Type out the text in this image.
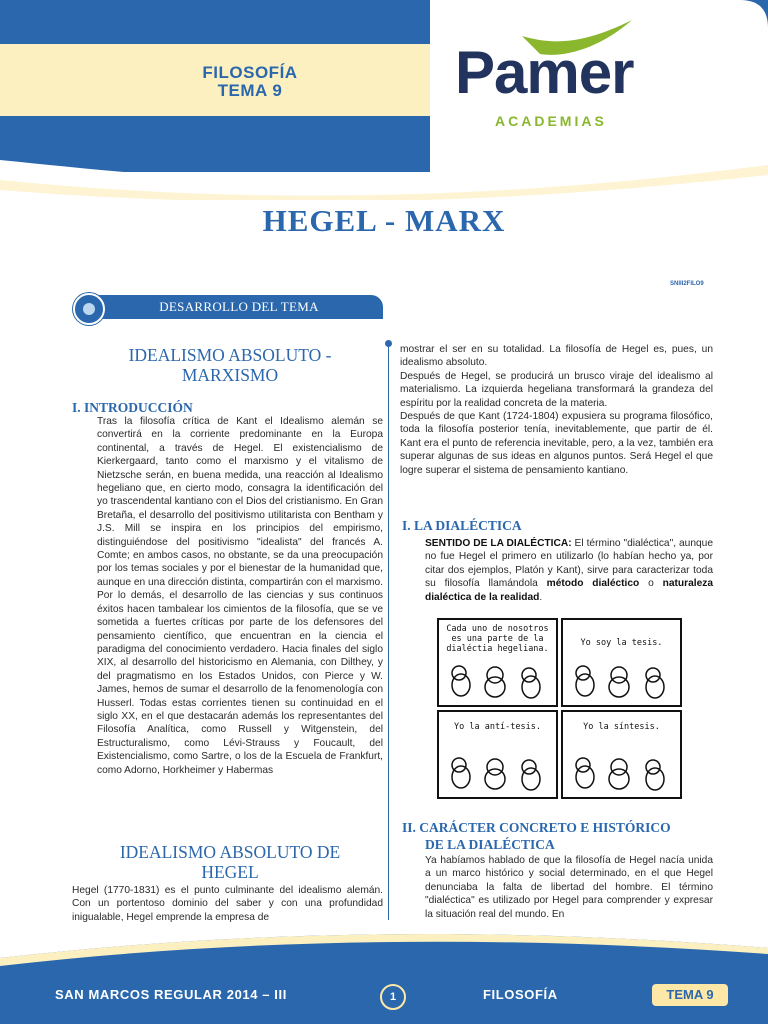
FILOSOFÍA
TEMA 9	Pamer
ACADEMIAS
HEGEL - MARX
SNIII2FILO9
DESARROLLO DEL TEMA
IDEALISMO ABSOLUTO - MARXISMO
I. INTRODUCCIÓN

Tras la filosofía crítica de Kant el Idealismo alemán se convertirá en la corriente predominante en la Europa continental, a través de Hegel. El existencialismo de Kierkergaard, tanto como el marxismo y el vitalismo de Nietzsche serán, en buena medida, una reacción al Idealismo hegeliano que, en cierto modo, consagra la identificación del yo trascendental kantiano con el Dios del cristianismo. En Gran Bretaña, el desarrollo del positivismo utilitarista con Bentham y J.S. Mill se inspira en los principios del empirismo, distinguiéndose del positivismo "idealista" del francés A. Comte; en ambos casos, no obstante, se da una preocupación por los temas sociales y por el bienestar de la humanidad que, aunque en una dirección distinta, compartirán con el marxismo. Por lo demás, el desarrollo de las ciencias y sus continuos éxitos hacen tambalear los cimientos de la filosofía, que se ve sometida a fuertes críticas por parte de los defensores del pensamiento científico, que encuentran en la ciencia el paradigma del conocimiento verdadero. Hacia finales del siglo XIX, al desarrollo del historicismo en Alemania, con Dilthey, y del pragmatismo en los Estados Unidos, con Pierce y W. James, hemos de sumar el desarrollo de la fenomenología con Husserl. Todas estas corrientes tienen su continuidad en el siglo XX, en el que destacarán además los representantes del Filosofía Analítica, como Russell y Witgenstein, del Estructuralismo, como Lévi-Strauss y Foucault, del Existencialismo, como Sartre, o los de la Escuela de Frankfurt, como Adorno, Horkheimer y Habermas

IDEALISMO ABSOLUTO DE HEGEL

Hegel (1770-1831) es el punto culminante del idealismo alemán. Con un portentoso dominio del saber y con una profundidad inigualable, Hegel emprende la empresa de

mostrar el ser en su totalidad. La filosofía de Hegel es, pues, un idealismo absoluto.

Después de Hegel, se producirá un brusco viraje del idealismo al materialismo. La izquierda hegeliana transformará la grandeza del espíritu por la realidad concreta de la materia.

Después de que Kant (1724-1804) expusiera su programa filosófico, toda la filosofía posterior tenía, inevitablemente, que partir de él. Kant era el punto de referencia inevitable, pero, a la vez, también era superar algunas de sus ideas en algunos puntos. Será Hegel el que logre superar el sistema de pensamiento kantiano.

I. LA DIALÉCTICA

SENTIDO DE LA DIALÉCTICA: El término "dialéctica", aunque no fue Hegel el primero en utilizarlo (lo habían hecho ya, por citar dos ejemplos, Platón y Kant), sirve para caracterizar toda su filosofía llamándola método dialéctico o naturaleza dialéctica de la realidad.

Cada uno de nosotros es una parte de la dialéctia hegeliana.
Yo soy la tesis.
Yo la antí-tesis.	Yo la síntesis.
II. CARÁCTER CONCRETO E HISTÓRICO
DE LA DIALÉCTICA

Ya habíamos hablado de que la filosofía de Hegel nacía unida a un marco histórico y social determinado, en el que Hegel denunciaba la falta de libertad del hombre. El término "dialéctica" es utilizado por Hegel para comprender y expresar la situación real del mundo. En

SAN MARCOS REGULAR 2014 – III	1	FILOSOFÍA	TEMA 9
